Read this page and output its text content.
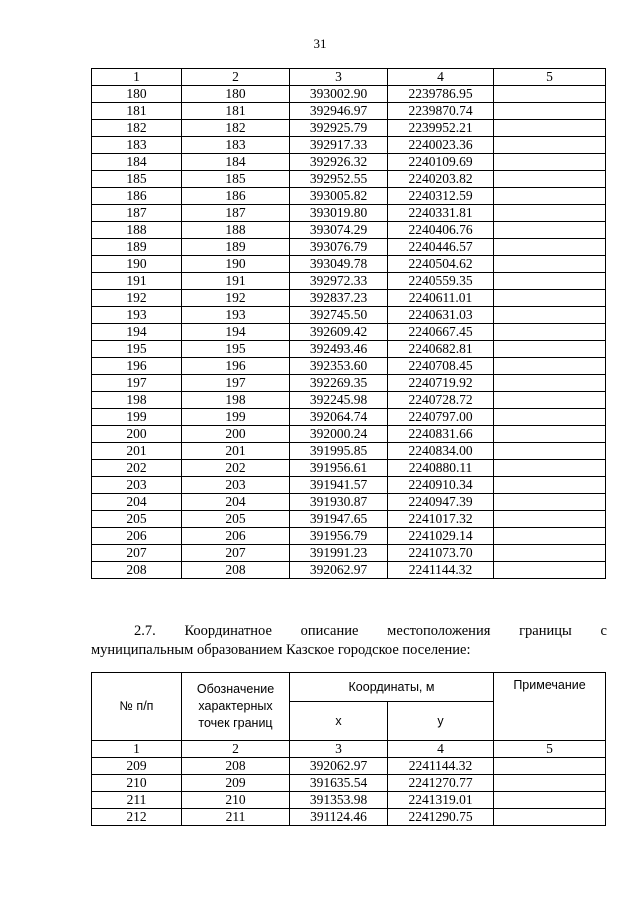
31
1	2	3	4	5
180	180	393002.90	2239786.95	
181	181	392946.97	2239870.74	
182	182	392925.79	2239952.21	
183	183	392917.33	2240023.36	
184	184	392926.32	2240109.69	
185	185	392952.55	2240203.82	
186	186	393005.82	2240312.59	
187	187	393019.80	2240331.81	
188	188	393074.29	2240406.76	
189	189	393076.79	2240446.57	
190	190	393049.78	2240504.62	
191	191	392972.33	2240559.35	
192	192	392837.23	2240611.01	
193	193	392745.50	2240631.03	
194	194	392609.42	2240667.45	
195	195	392493.46	2240682.81	
196	196	392353.60	2240708.45	
197	197	392269.35	2240719.92	
198	198	392245.98	2240728.72	
199	199	392064.74	2240797.00	
200	200	392000.24	2240831.66	
201	201	391995.85	2240834.00	
202	202	391956.61	2240880.11	
203	203	391941.57	2240910.34	
204	204	391930.87	2240947.39	
205	205	391947.65	2241017.32	
206	206	391956.79	2241029.14	
207	207	391991.23	2241073.70	
208	208	392062.97	2241144.32	
2.7. Координатное описание местоположения границы с
муниципальным образованием Казское городское поселение:
№ п/п	Обозначение характерных точек границ	Координаты, м		Примечание
		x	y	
1	2	3	4	5
209	208	392062.97	2241144.32	
210	209	391635.54	2241270.77	
211	210	391353.98	2241319.01	
212	211	391124.46	2241290.75	
